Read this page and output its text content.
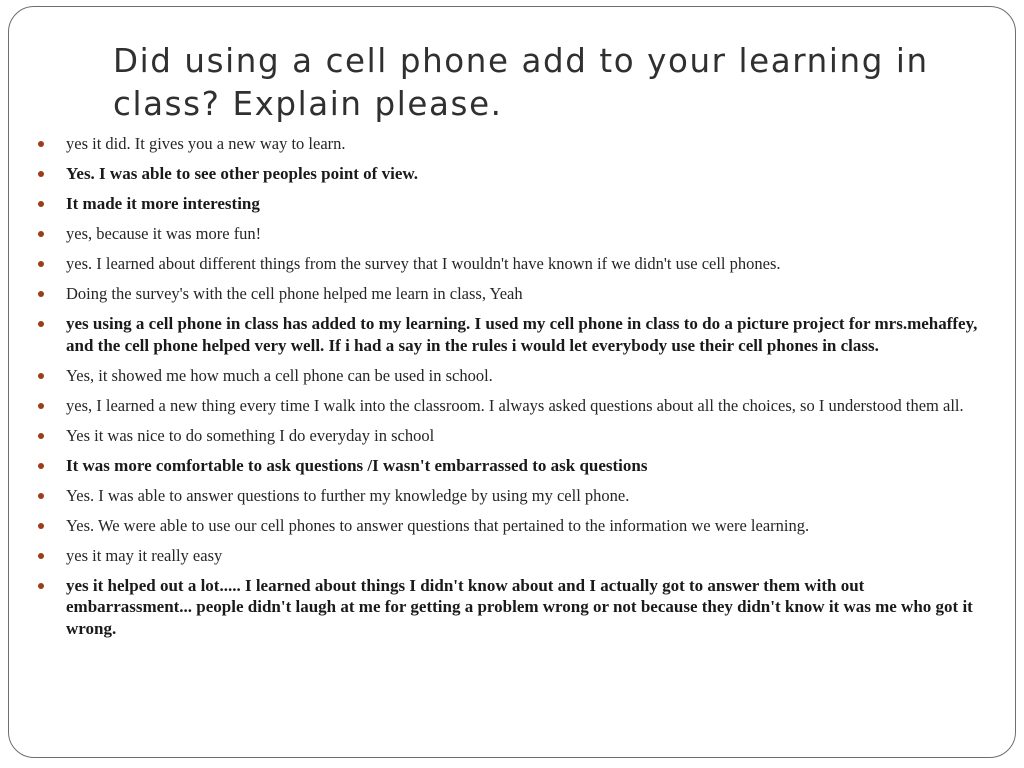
Did using a cell phone add to your learning in class? Explain please.
yes it did. It gives you a new way to learn.
Yes. I was able to see other peoples point of view.
It made it more interesting
yes, because it was more fun!
yes. I learned about different things from the survey that I wouldn't have known if we didn't use cell phones.
Doing the survey's with the cell phone helped me learn in class, Yeah
yes using a cell phone in class has added to my learning. I used my cell phone in class to do a picture project for mrs.mehaffey, and the cell phone helped very well. If i had a say in the rules i would let everybody use their cell phones in class.
Yes, it showed me how much a cell phone can be used in school.
yes, I learned a new thing every time I walk into the classroom. I always asked questions about all the choices, so I understood them all.
Yes it was nice to do something I do everyday in school
It was more comfortable to ask questions /I wasn't embarrassed to ask questions
Yes. I was able to answer questions to further my knowledge by using my cell phone.
Yes. We were able to use our cell phones to answer questions that pertained to the information we were learning.
yes it may it really easy
yes it helped out a lot..... I learned about things I didn't know about and I actually got to answer them with out embarrassment... people didn't laugh at me for getting a problem wrong or not because they didn't know it was me who got it wrong.
